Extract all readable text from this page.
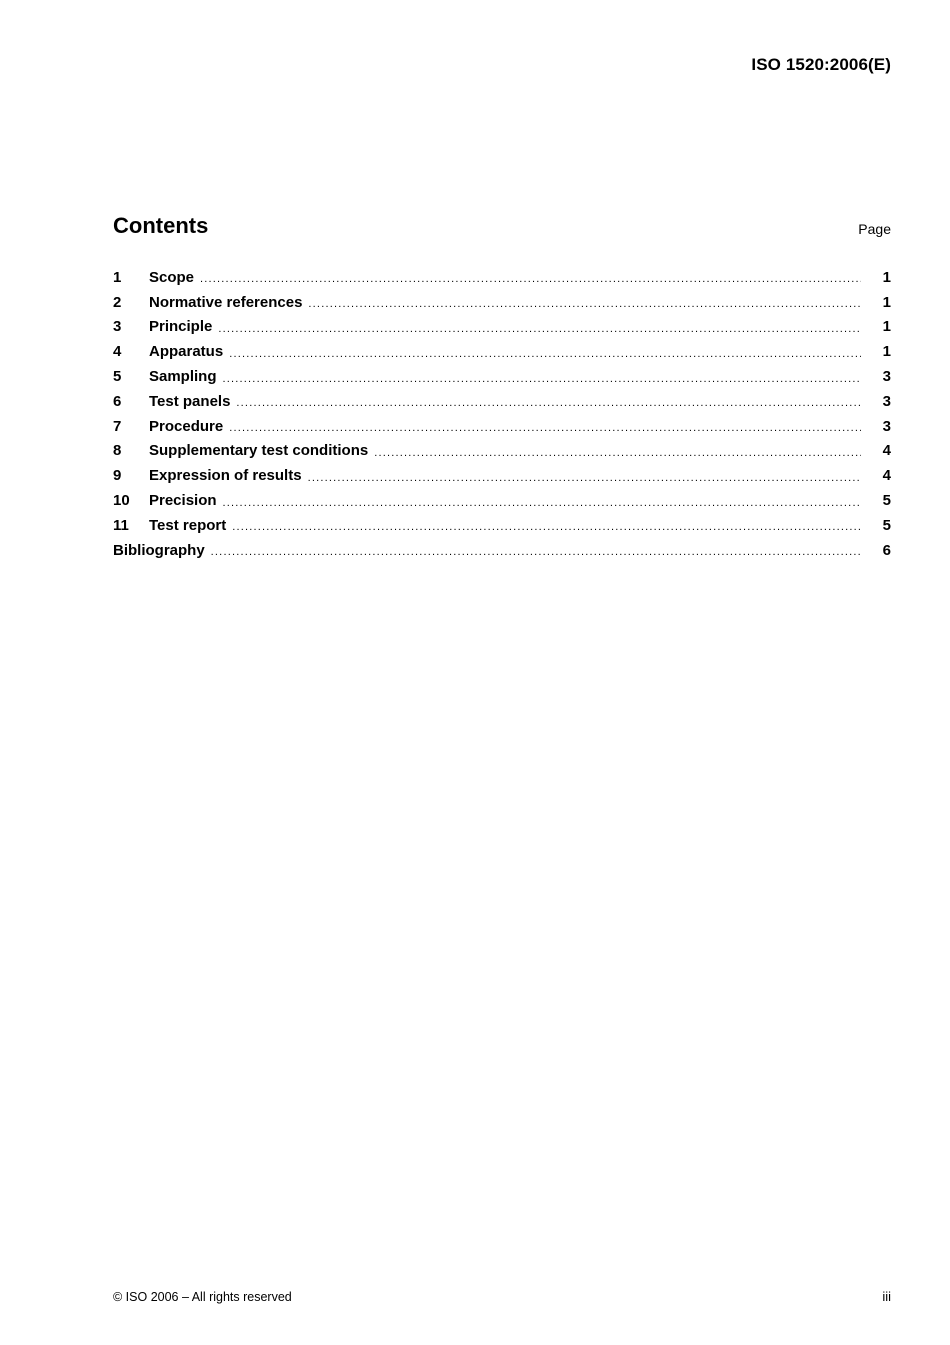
ISO 1520:2006(E)
Contents	Page
1	Scope .....	1
2	Normative references .....	1
3	Principle .....	1
4	Apparatus .....	1
5	Sampling .....	3
6	Test panels .....	3
7	Procedure .....	3
8	Supplementary test conditions .....	4
9	Expression of results .....	4
10	Precision .....	5
11	Test report .....	5
Bibliography .....	6
© ISO 2006 – All rights reserved	iii
